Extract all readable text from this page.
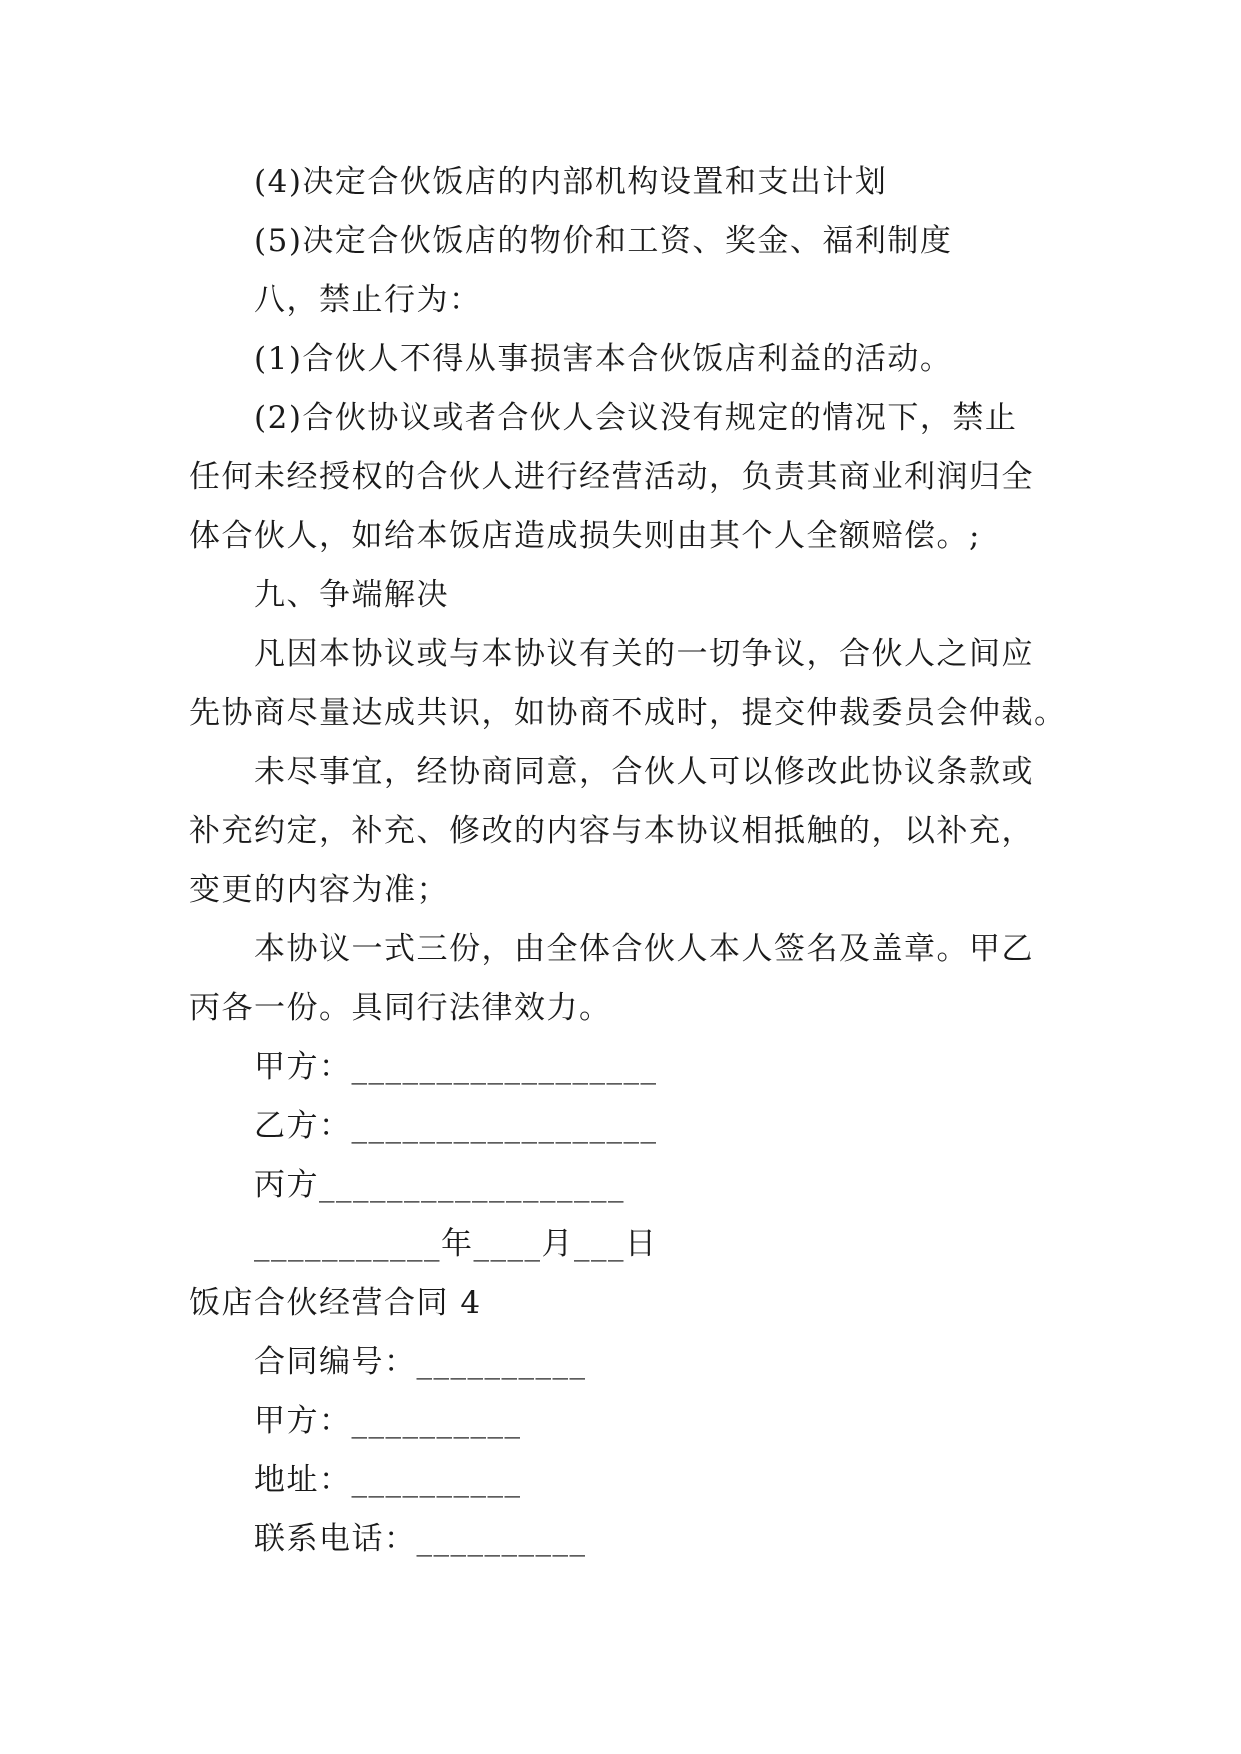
(4)决定合伙饭店的内部机构设置和支出计划
(5)决定合伙饭店的物价和工资、奖金、福利制度
八，禁止行为：
(1)合伙人不得从事损害本合伙饭店利益的活动。
(2)合伙协议或者合伙人会议没有规定的情况下，禁止
任何未经授权的合伙人进行经营活动，负责其商业利润归全
体合伙人，如给本饭店造成损失则由其个人全额赔偿。;
九、争端解决
凡因本协议或与本协议有关的一切争议，合伙人之间应
先协商尽量达成共识，如协商不成时，提交仲裁委员会仲裁。
未尽事宜，经协商同意，合伙人可以修改此协议条款或
补充约定，补充、修改的内容与本协议相抵触的，以补充，
变更的内容为准；
本协议一式三份，由全体合伙人本人签名及盖章。甲乙
丙各一份。具同行法律效力。
甲方：__________________
乙方：__________________
丙方__________________
___________年____月___日
饭店合伙经营合同 4
合同编号：__________
甲方：__________
地址：__________
联系电话：__________
